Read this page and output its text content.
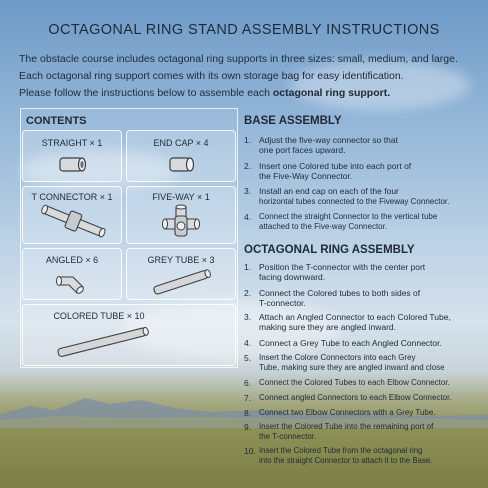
OCTAGONAL RING STAND ASSEMBLY INSTRUCTIONS
The obstacle course includes octagonal ring supports in three sizes: small, medium, and large.
Each octagonal ring support comes with its own storage bag for easy identification.
Please follow the instructions below to assemble each octagonal ring support.
CONTENTS
STRAIGHT × 1	END CAP × 4
T CONNECTOR × 1	FIVE-WAY × 1
ANGLED × 6	GREY TUBE × 3
COLORED TUBE × 10
BASE ASSEMBLY
1. Adjust the five-way connector so that
one port faces upward.
2. Insert one Colored tube into each port of
the Five-Way Connector.
3. Install an end cap on each of the four
horizontal tubes connected to the Fiveway Connector.
4. Connect the straight Connector to the vertical tube
attached to the Five-way Connector.
OCTAGONAL RING ASSEMBLY
1. Position the T-connector with the center port
facing downward.
2. Connect the Colored tubes to both sides of
T-connector.
3. Attach an Angled Connector to each Colored Tube,
making sure they are angled inward.
4. Connect a Grey Tube to each Angled Connector.
5. Insert the Colore Connectors into each Grey
Tube, making sure they are angled inward and close
6. Connect the Colored Tubes to each Elbow Connector.
7. Connect angled Connectors to each Elbow Connector.
8. Connect two Elbow Connectors with a Grey Tube.
9. Insert the Colored Tube into the remaining port of
the T-connector.
10. Insert the Colored Tube from the octagonal ring
into the straight Connector to attach it to the Base.
